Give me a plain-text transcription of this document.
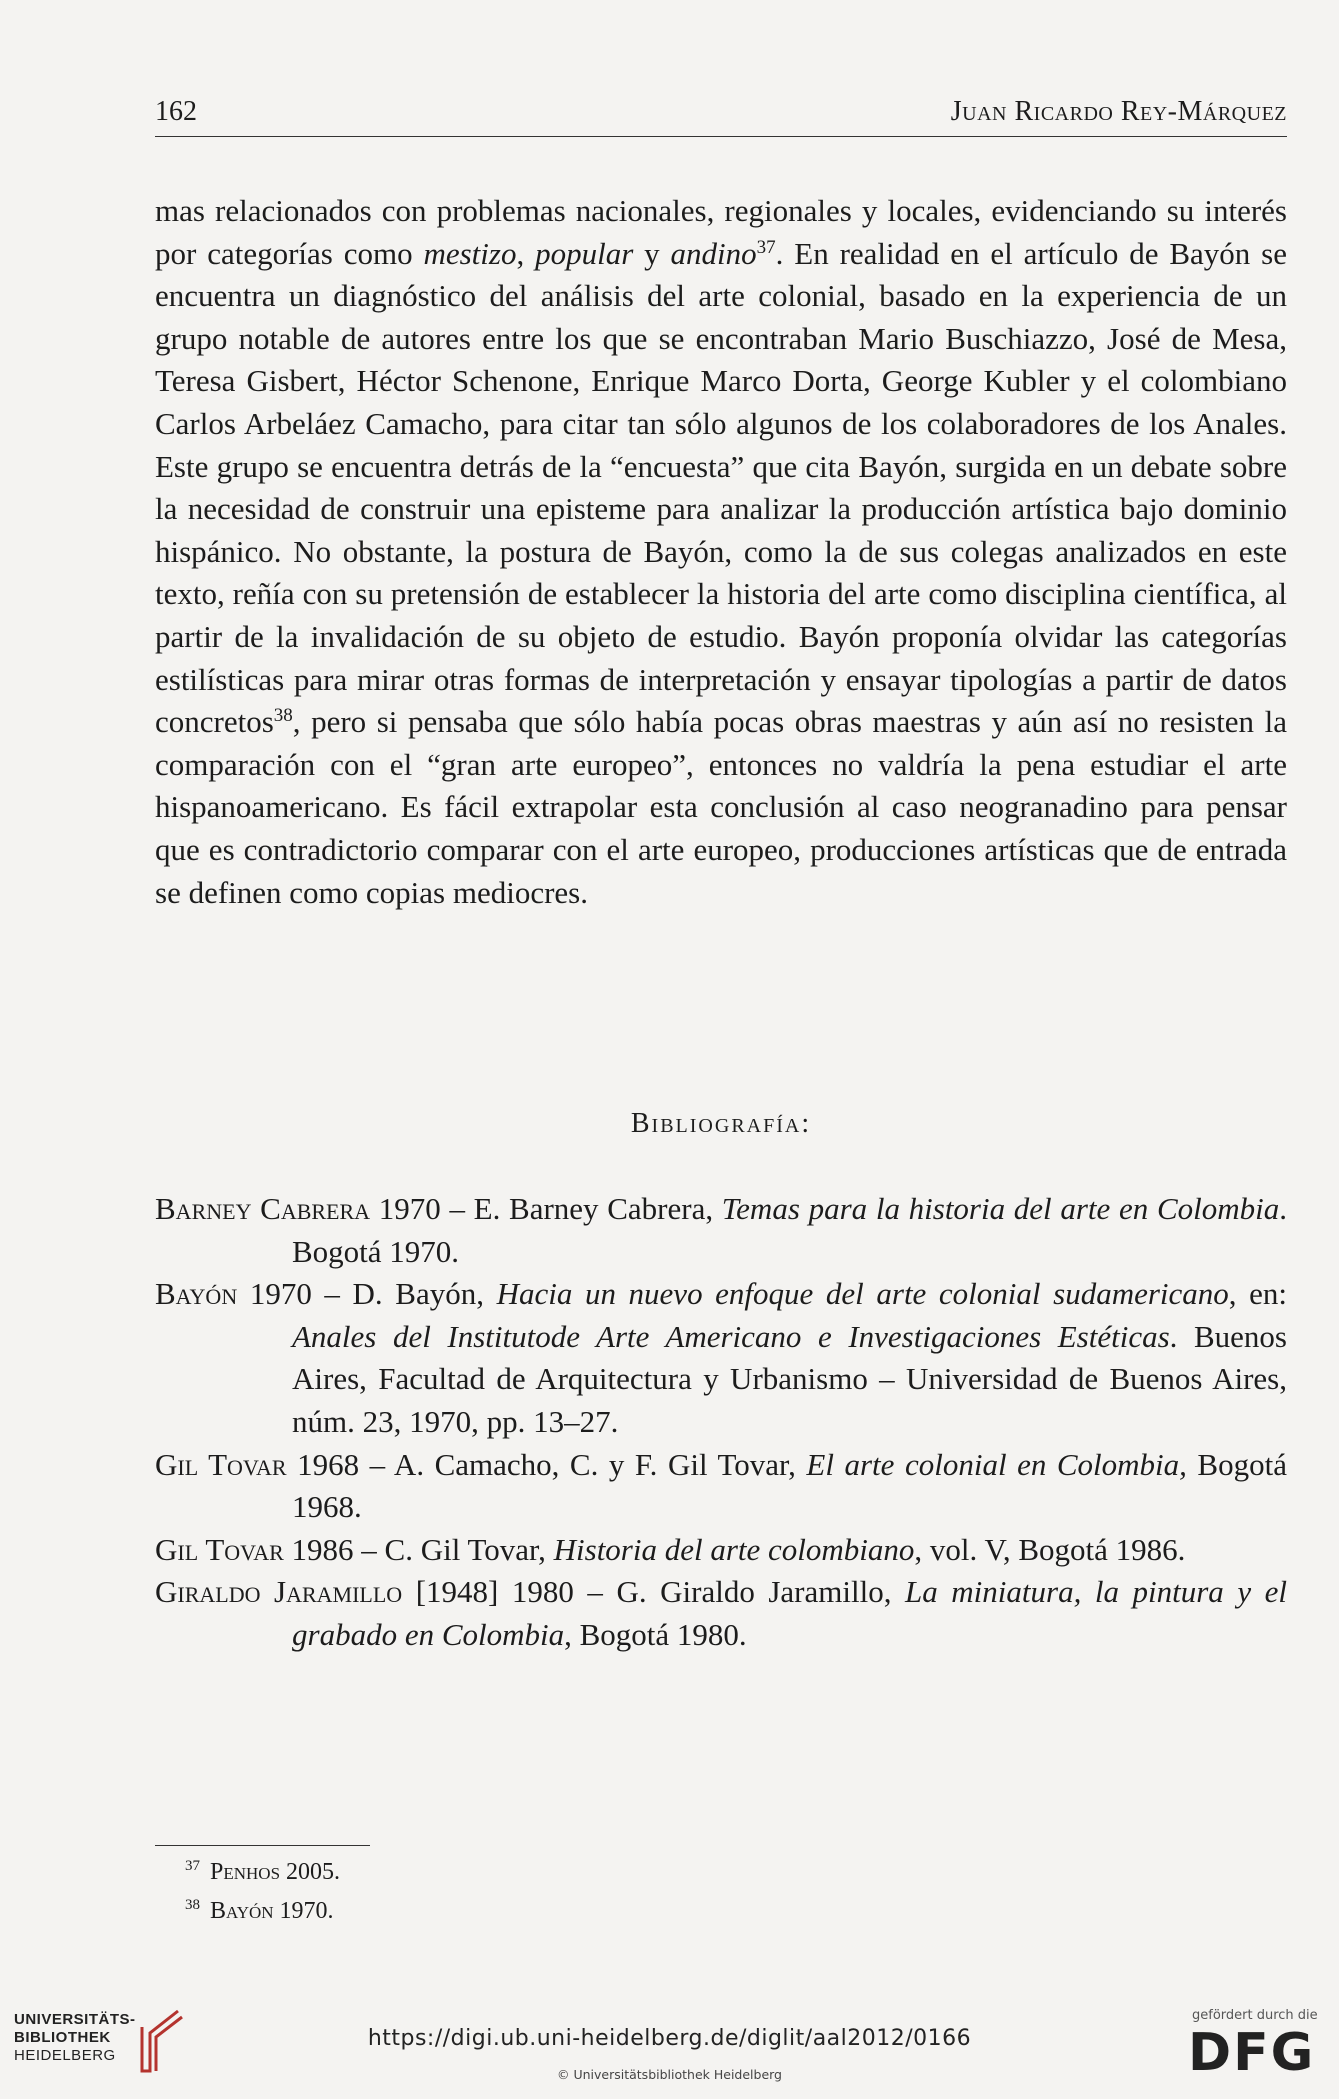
162	Juan Ricardo Rey-Márquez

mas relacionados con problemas nacionales, regionales y locales, evidenciando su interés por categorías como mestizo, popular y andino$^{37}$. En realidad en el artículo de Bayón se encuentra un diagnóstico del análisis del arte colonial, basado en la experiencia de un grupo notable de autores entre los que se encontraban Mario Buschiazzo, José de Mesa, Teresa Gisbert, Héctor Schenone, Enrique Marco Dorta, George Kubler y el colombiano Carlos Arbeláez Camacho, para citar tan sólo algunos de los colaboradores de los Anales. Este grupo se encuentra detrás de la “encuesta” que cita Bayón, surgida en un debate sobre la necesidad de construir una episteme para analizar la producción artística bajo dominio hispánico. No obstante, la postura de Bayón, como la de sus colegas analizados en este texto, reñía con su pretensión de establecer la historia del arte como disciplina científica, al partir de la invalidación de su objeto de estudio. Bayón proponía olvidar las categorías estilísticas para mirar otras formas de interpretación y ensayar tipologías a partir de datos concretos$^{38}$, pero si pensaba que sólo había pocas obras maestras y aún así no resisten la comparación con el “gran arte europeo”, entonces no valdría la pena estudiar el arte hispanoamericano. Es fácil extrapolar esta conclusión al caso neogranadino para pensar que es contradictorio comparar con el arte europeo, producciones artísticas que de entrada se definen como copias mediocres.

Bibliografía:

Barney Cabrera 1970 – E. Barney Cabrera, Temas para la historia del arte en Colombia. Bogotá 1970.

Bayón 1970 – D. Bayón, Hacia un nuevo enfoque del arte colonial sudamericano, en: Anales del Institutode Arte Americano e Investigaciones Estéticas. Buenos Aires, Facultad de Arquitectura y Urbanismo – Universidad de Buenos Aires, núm. 23, 1970, pp. 13–27.

Gil Tovar 1968 – A. Camacho, C. y F. Gil Tovar, El arte colonial en Colombia, Bogotá 1968.

Gil Tovar 1986 – C. Gil Tovar, Historia del arte colombiano, vol. V, Bogotá 1986.

Giraldo Jaramillo [1948] 1980 – G. Giraldo Jaramillo, La miniatura, la pintura y el grabado en Colombia, Bogotá 1980.

$^{37}$ Penhos 2005.
$^{38}$ Bayón 1970.
UNIVERSITÄTS-
BIBLIOTHEK
HEIDELBERG
https://digi.ub.uni-heidelberg.de/diglit/aal2012/0166
© Universitätsbibliothek Heidelberg
gefördert durch die
DFG
